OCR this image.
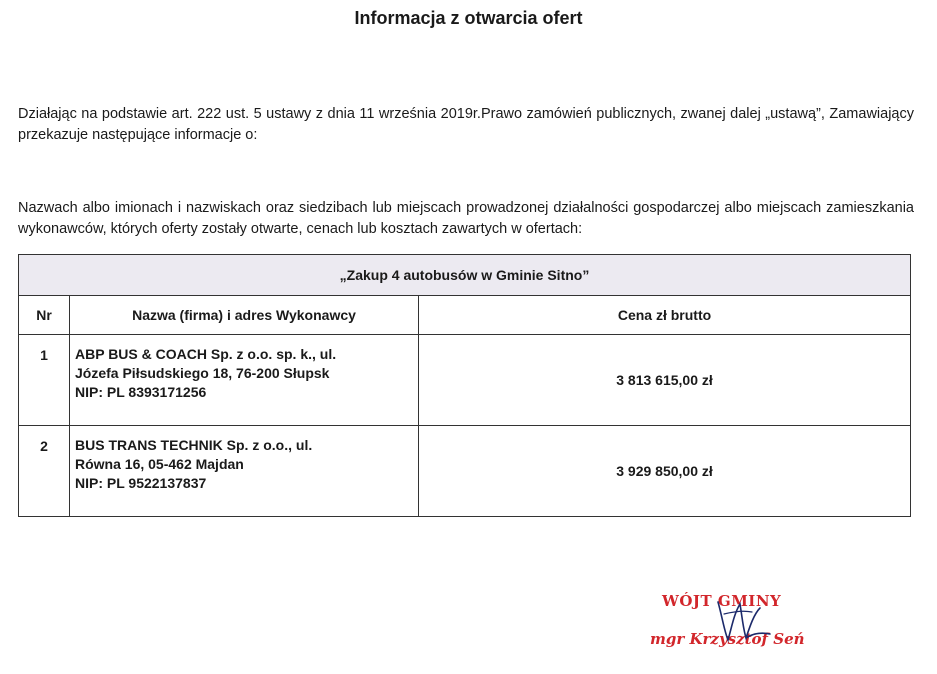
Informacja z otwarcia ofert
Działając na podstawie art. 222 ust. 5 ustawy z dnia 11 września 2019r.Prawo zamówień publicznych, zwanej dalej „ustawą”, Zamawiający przekazuje następujące informacje o:
Nazwach albo imionach i nazwiskach oraz siedzibach lub miejscach prowadzonej działalności gospodarczej albo miejscach zamieszkania wykonawców, których oferty zostały otwarte, cenach lub kosztach zawartych w ofertach:
„Zakup 4 autobusów w Gminie Sitno”		
Nr	Nazwa (firma) i adres Wykonawcy	Cena zł brutto
1	ABP BUS & COACH Sp. z o.o. sp. k., ul.
Józefa Piłsudskiego 18, 76-200 Słupsk
NIP: PL 8393171256	3 813 615,00 zł
2	BUS TRANS TECHNIK Sp. z o.o., ul.
Równa 16, 05-462 Majdan
NIP: PL 9522137837	3 929 850,00 zł
WÓJT GMINY
mgr Krzysztof Seń
